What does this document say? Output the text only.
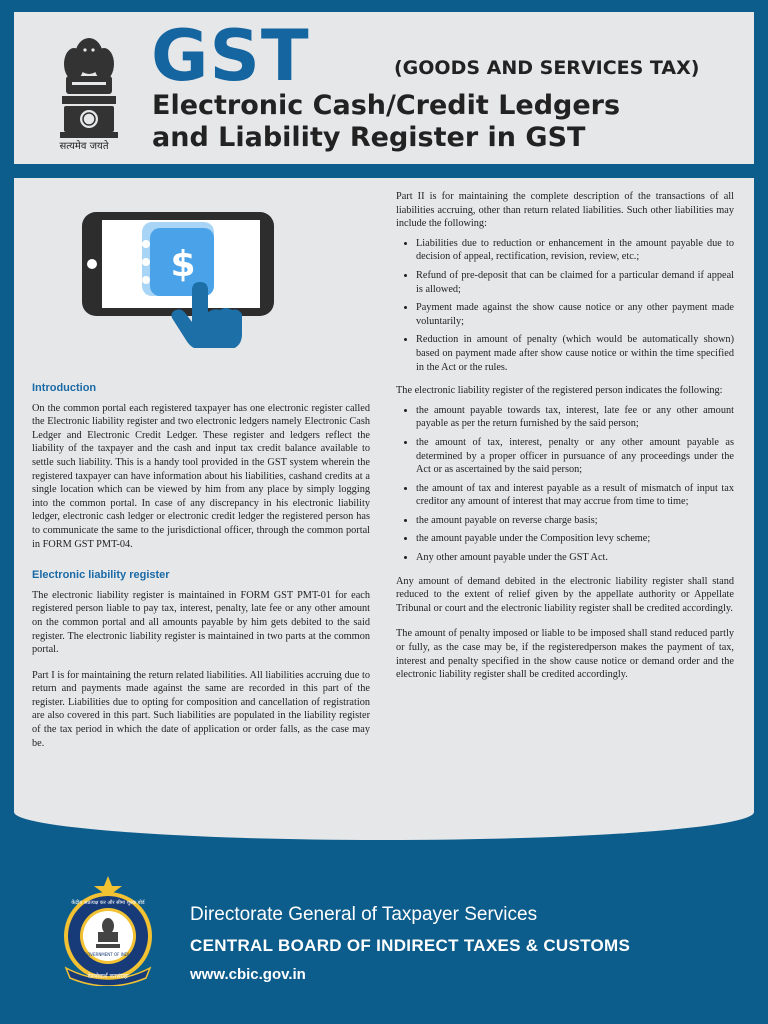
सत्यमेव जयते
GST	(GOODS AND SERVICES TAX)
Electronic Cash/Credit Ledgers
and Liability Register in GST
$
Introduction

On the common portal each registered taxpayer has one electronic register called the Electronic liability register and two electronic ledgers namely Electronic Cash Ledger and Electronic Credit Ledger. These register and ledgers reflect the liability of the taxpayer and the cash and input tax credit balance available to settle such liability. This is a handy tool provided in the GST system wherein the registered taxpayer can have information about his liabilities, cashand credits at a single location which can be viewed by him from any place by simply logging into the common portal. In case of any discrepancy in his electronic liability ledger, electronic cash ledger or electronic credit ledger the registered person has to communicate the same to the jurisdictional officer, through the common portal in FORM GST PMT-04.

Electronic liability register

The electronic liability register is maintained in FORM GST PMT-01 for each registered person liable to pay tax, interest, penalty, late fee or any other amount on the common portal and all amounts payable by him gets debited to the said register. The electronic liability register is maintained in two parts at the common portal.

Part I is for maintaining the return related liabilities. All liabilities accruing due to return and payments made against the same are recorded in this part of the register. Liabilities due to opting for composition and cancellation of registration are also covered in this part. Such liabilities are populated in the liability register of the tax period in which the date of application or order falls, as the case may be.

Part II is for maintaining the complete description of the transactions of all liabilities accruing, other than return related liabilities. Such other liabilities may include the following:

• Liabilities due to reduction or enhancement in the amount payable due to decision of appeal, rectification, revision, review, etc.;
• Refund of pre-deposit that can be claimed for a particular demand if appeal is allowed;
• Payment made against the show cause notice or any other payment made voluntarily;
• Reduction in amount of penalty (which would be automatically shown) based on payment made after show cause notice or within the time specified in the Act or the rules.

The electronic liability register of the registered person indicates the following:

• the amount payable towards tax, interest, late fee or any other amount payable as per the return furnished by the said person;
• the amount of tax, interest, penalty or any other amount payable as determined by a proper officer in pursuance of any proceedings under the Act or as ascertained by the said person;
• the amount of tax and interest payable as a result of mismatch of input tax creditor any amount of interest that may accrue from time to time;
• the amount payable on reverse charge basis;
• the amount payable under the Composition levy scheme;
• Any other amount payable under the GST Act.

Any amount of demand debited in the electronic liability register shall stand reduced to the extent of relief given by the appellate authority or Appellate Tribunal or court and the electronic liability register shall be credited accordingly.

The amount of penalty imposed or liable to be imposed shall stand reduced partly or fully, as the case may be, if the registeredperson makes the payment of tax, interest and penalty specified in the show cause notice or demand order and the electronic liability register shall be credited accordingly.

केंद्रीय अप्रत्यक्ष कर और सीमा शुल्क बोर्ड
GOVERNMENT OF INDIA
देशसेवार्थं करसंग्रहः
Directorate General of Taxpayer Services
CENTRAL BOARD OF INDIRECT TAXES & CUSTOMS
www.cbic.gov.in
